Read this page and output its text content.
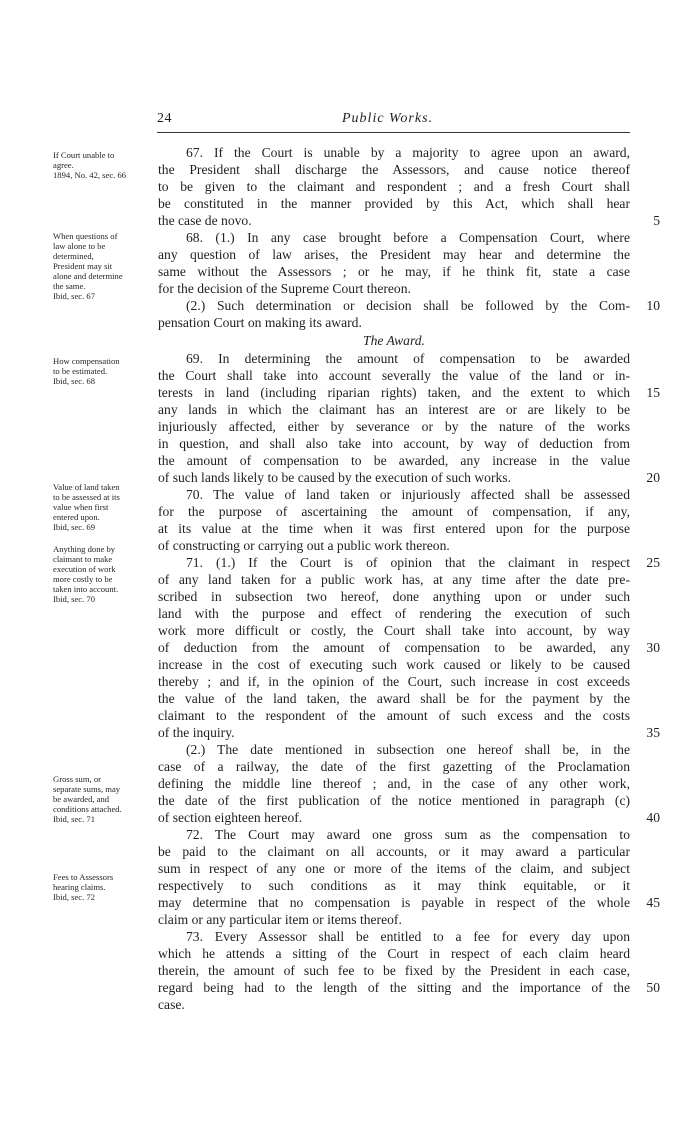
24	Public Works.
If Court unable to
agree.
1894, No. 42, sec. 66
When questions of
law alone to be
determined,
President may sit
alone and determine
the same.
Ibid, sec. 67
How compensation
to be estimated.
Ibid, sec. 68
Value of land taken
to be assessed at its
value when first
entered upon.
Ibid, sec. 69
Anything done by
claimant to make
execution of work
more costly to be
taken into account.
Ibid, sec. 70
Gross sum, or
separate sums, may
be awarded, and
conditions attached.
Ibid, sec. 71
Fees to Assessors
hearing claims.
Ibid, sec. 72
67. If the Court is unable by a majority to agree upon an award,
the President shall discharge the Assessors, and cause notice thereof
to be given to the claimant and respondent ; and a fresh Court shall
be constituted in the manner provided by this Act, which shall hear
the case de novo.
68. (1.) In any case brought before a Compensation Court, where
any question of law arises, the President may hear and determine the
same without the Assessors ; or he may, if he think fit, state a case
for the decision of the Supreme Court thereon.
(2.) Such determination or decision shall be followed by the Com-
pensation Court on making its award.
The Award.
69. In determining the amount of compensation to be awarded
the Court shall take into account severally the value of the land or in-
terests in land (including riparian rights) taken, and the extent to which
any lands in which the claimant has an interest are or are likely to be
injuriously affected, either by severance or by the nature of the works
in question, and shall also take into account, by way of deduction from
the amount of compensation to be awarded, any increase in the value
of such lands likely to be caused by the execution of such works.
70. The value of land taken or injuriously affected shall be assessed
for the purpose of ascertaining the amount of compensation, if any,
at its value at the time when it was first entered upon for the purpose
of constructing or carrying out a public work thereon.
71. (1.) If the Court is of opinion that the claimant in respect
of any land taken for a public work has, at any time after the date pre-
scribed in subsection two hereof, done anything upon or under such
land with the purpose and effect of rendering the execution of such
work more difficult or costly, the Court shall take into account, by way
of deduction from the amount of compensation to be awarded, any
increase in the cost of executing such work caused or likely to be caused
thereby ; and if, in the opinion of the Court, such increase in cost exceeds
the value of the land taken, the award shall be for the payment by the
claimant to the respondent of the amount of such excess and the costs
of the inquiry.
(2.) The date mentioned in subsection one hereof shall be, in the
case of a railway, the date of the first gazetting of the Proclamation
defining the middle line thereof ; and, in the case of any other work,
the date of the first publication of the notice mentioned in paragraph (c)
of section eighteen hereof.
72. The Court may award one gross sum as the compensation to
be paid to the claimant on all accounts, or it may award a particular
sum in respect of any one or more of the items of the claim, and subject
respectively to such conditions as it may think equitable, or it
may determine that no compensation is payable in respect of the whole
claim or any particular item or items thereof.
73. Every Assessor shall be entitled to a fee for every day upon
which he attends a sitting of the Court in respect of each claim heard
therein, the amount of such fee to be fixed by the President in each case,
regard being had to the length of the sitting and the importance of the
case.
5
10
15
20
25
30
35
40
45
50
